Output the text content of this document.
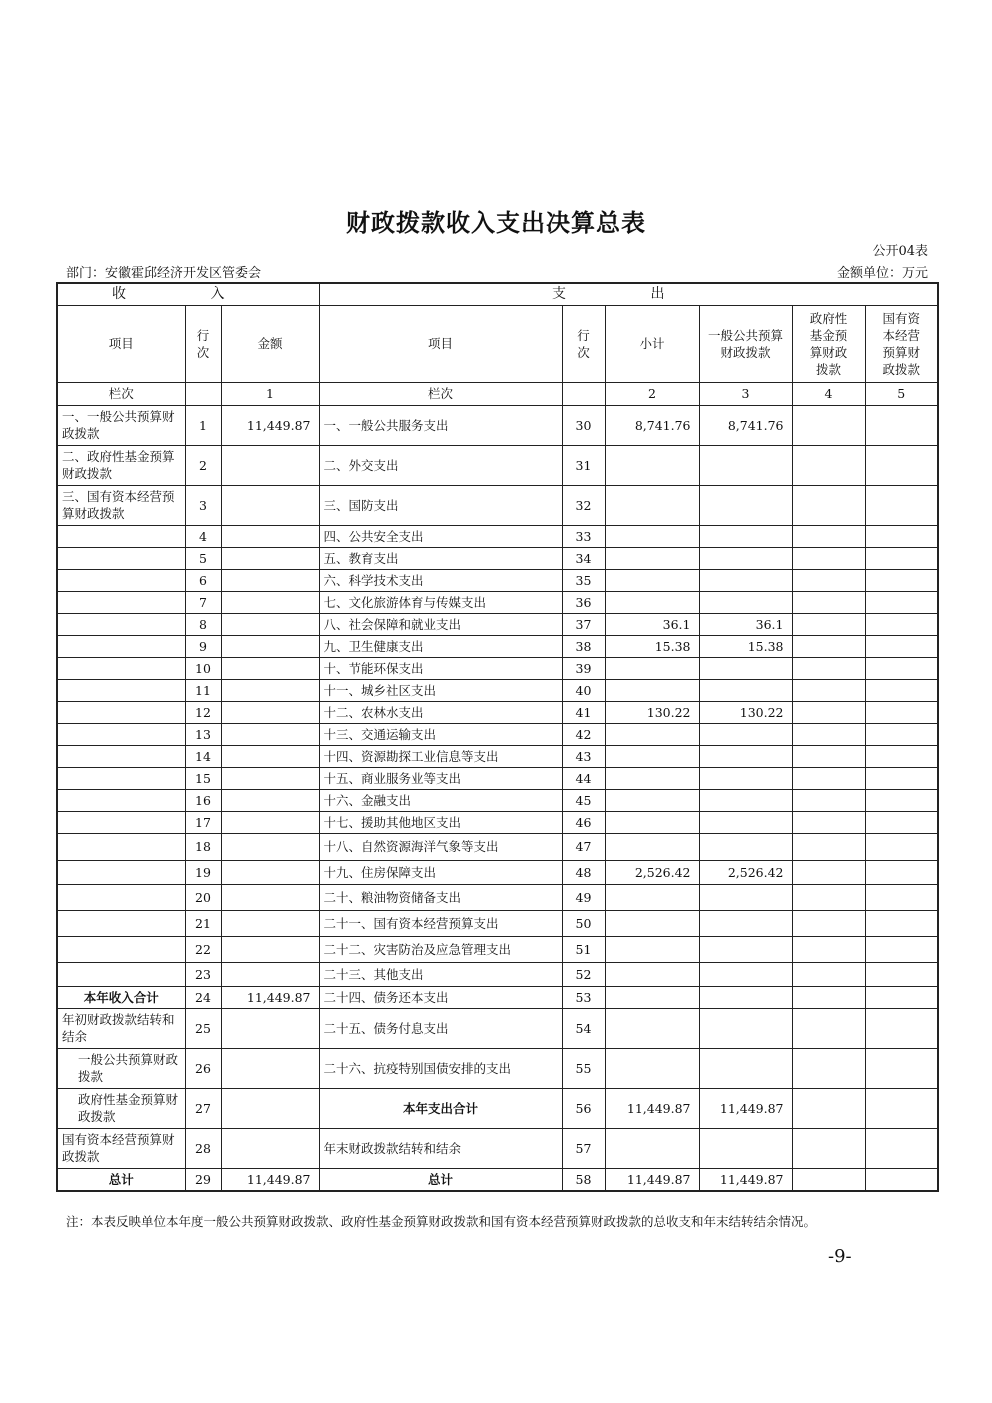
财政拨款收入支出决算总表
公开04表
部门：安徽霍邱经济开发区管委会	金额单位：万元
收 入			支 出					
项目	行次	金额	项目	行次	小计	一般公共预算财政拨款	政府性基金预算财政拨款	国有资本经营预算财政拨款
栏次		1	栏次		2	3	4	5
一、一般公共预算财政拨款	1	11,449.87	一、一般公共服务支出	30	8,741.76	8,741.76		
二、政府性基金预算财政拨款	2		二、外交支出	31				
三、国有资本经营预算财政拨款	3		三、国防支出	32				
	4		四、公共安全支出	33				
	5		五、教育支出	34				
	6		六、科学技术支出	35				
	7		七、文化旅游体育与传媒支出	36				
	8		八、社会保障和就业支出	37	36.1	36.1		
	9		九、卫生健康支出	38	15.38	15.38		
	10		十、节能环保支出	39				
	11		十一、城乡社区支出	40				
	12		十二、农林水支出	41	130.22	130.22		
	13		十三、交通运输支出	42				
	14		十四、资源勘探工业信息等支出	43				
	15		十五、商业服务业等支出	44				
	16		十六、金融支出	45				
	17		十七、援助其他地区支出	46				
	18		十八、自然资源海洋气象等支出	47				
	19		十九、住房保障支出	48	2,526.42	2,526.42		
	20		二十、粮油物资储备支出	49				
	21		二十一、国有资本经营预算支出	50				
	22		二十二、灾害防治及应急管理支出	51				
	23		二十三、其他支出	52				
本年收入合计	24	11,449.87	二十四、债务还本支出	53				
年初财政拨款结转和结余	25		二十五、债务付息支出	54				
一般公共预算财政拨款	26		二十六、抗疫特别国债安排的支出	55				
政府性基金预算财政拨款	27		本年支出合计	56	11,449.87	11,449.87		
国有资本经营预算财政拨款	28		年末财政拨款结转和结余	57				
总计	29	11,449.87	总计	58	11,449.87	11,449.87		
注：本表反映单位本年度一般公共预算财政拨款、政府性基金预算财政拨款和国有资本经营预算财政拨款的总收支和年末结转结余情况。
-9-
